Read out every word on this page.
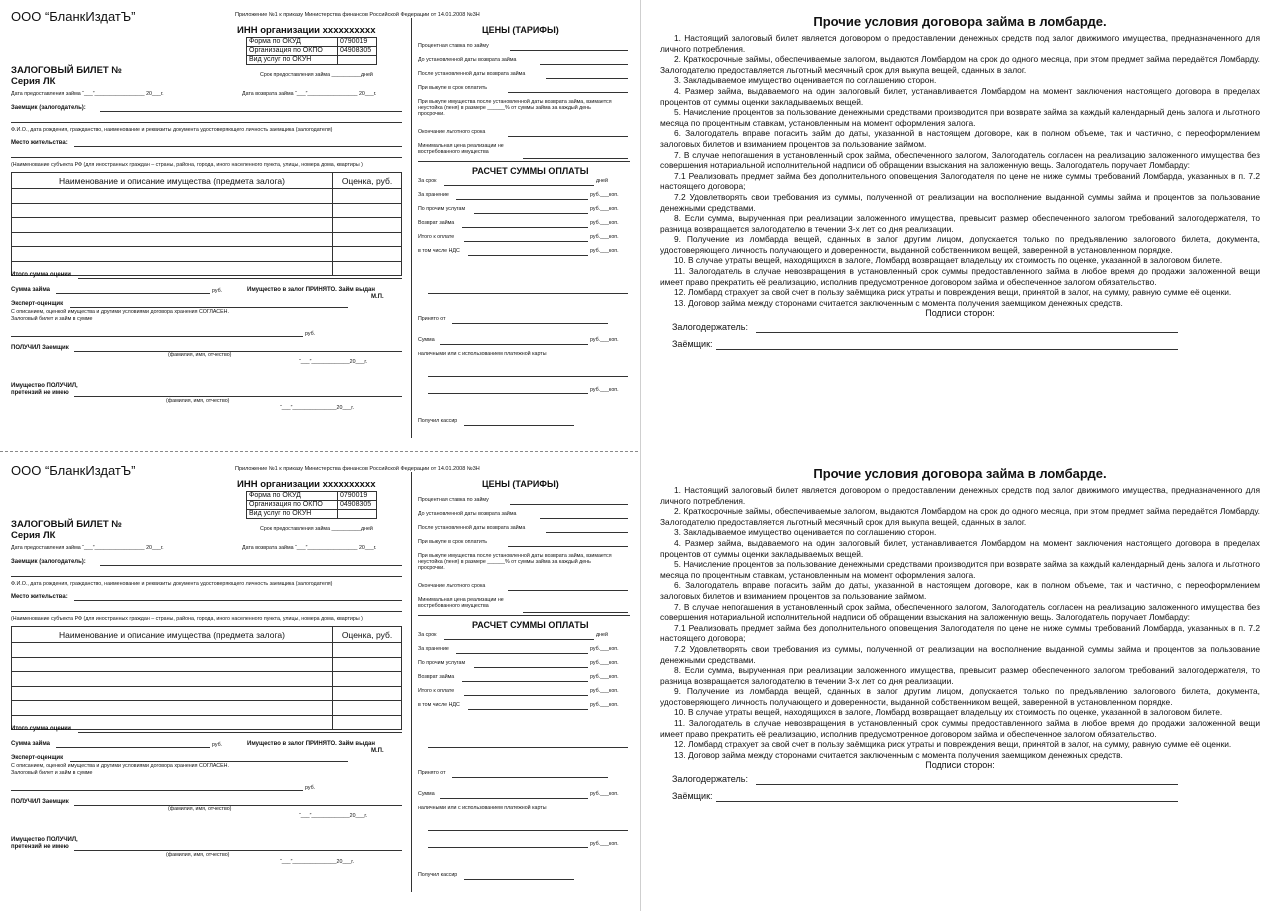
ООО “БланкИздатЪ”	Приложение №1 к приказу Министерства финансов Российской Федерации от 14.01.2008 №3Н
ИНН организации xxxxxxxxxx
Форма по ОКУД	0790019
Организация по ОКПО	04908305
Вид услуг по ОКУН	
ЗАЛОГОВЫЙ БИЛЕТ №
Серия ЛК
Срок предоставления займа __________дней
Дата предоставления займа “___”_________________ 20___г.	Дата возврата займа “___”_________________ 20___г.
Заемщик (залогодатель):
Ф.И.О., дата рождения, гражданство, наименование и реквизиты документа удостоверяющего личность заемщика (залогодателя)
Место жительства:
(Наименование субъекта РФ (для иностранных граждан – страны, района, города, иного населенного пункта, улицы, номера дома, квартиры )
Наименование и описание имущества (предмета залога)	Оценка, руб.

Итого сумма оценки
Сумма займа	руб.	Имущество в залог ПРИНЯТО. Займ выдан
М.П.
Эксперт-оценщик
С описанием, оценкой имущества и другими условиями договора хранения СОГЛАСЕН.
Залоговый билет и займ в сумме
руб.
ПОЛУЧИЛ Заемщик
(фамилия, имя, отчество)
“___”_____________20___г.
Имущество ПОЛУЧИЛ,
претензий не имею
(фамилия, имя, отчество)
“___”_______________20___г.
ЦЕНЫ (ТАРИФЫ)
Процентная ставка по займу
До установленной даты возврата займа
После установленной даты возврата займа
При выкупе в срок оплатить
При выкупе имущества после установленной даты возврата займа, взимается неустойка (пеня) в размере ______% от суммы займа за каждый день просрочки.
Окончание льготного срока
Минимальная цена реализации не востребованного имущества
РАСЧЕТ СУММЫ ОПЛАТЫ
За срок	дней
За хранение	руб.___коп.
По прочим услугам	руб.___коп.
Возврат займа	руб.___коп.
Итого к оплате	руб.___коп.
в том числе НДС	руб.___коп.
Принято от
Сумма	руб.___коп.
наличными или с использованием платежной карты
руб.___коп.
Получил кассир
ООО “БланкИздатЪ”	Приложение №1 к приказу Министерства финансов Российской Федерации от 14.01.2008 №3Н
ИНН организации xxxxxxxxxx
Форма по ОКУД	0790019
Организация по ОКПО	04908305
Вид услуг по ОКУН	
ЗАЛОГОВЫЙ БИЛЕТ №
Серия ЛК
Срок предоставления займа __________дней
Дата предоставления займа “___”_________________ 20___г.	Дата возврата займа “___”_________________ 20___г.
Заемщик (залогодатель):
Ф.И.О., дата рождения, гражданство, наименование и реквизиты документа удостоверяющего личность заемщика (залогодателя)
Место жительства:
(Наименование субъекта РФ (для иностранных граждан – страны, района, города, иного населенного пункта, улицы, номера дома, квартиры )
Наименование и описание имущества (предмета залога)	Оценка, руб.

Итого сумма оценки
Сумма займа	руб.	Имущество в залог ПРИНЯТО. Займ выдан
М.П.
Эксперт-оценщик
С описанием, оценкой имущества и другими условиями договора хранения СОГЛАСЕН.
Залоговый билет и займ в сумме
руб.
ПОЛУЧИЛ Заемщик
(фамилия, имя, отчество)
“___”_____________20___г.
Имущество ПОЛУЧИЛ,
претензий не имею
(фамилия, имя, отчество)
“___”_______________20___г.
ЦЕНЫ (ТАРИФЫ)
Процентная ставка по займу
До установленной даты возврата займа
После установленной даты возврата займа
При выкупе в срок оплатить
При выкупе имущества после установленной даты возврата займа, взимается неустойка (пеня) в размере ______% от суммы займа за каждый день просрочки.
Окончание льготного срока
Минимальная цена реализации не востребованного имущества
РАСЧЕТ СУММЫ ОПЛАТЫ
За срок	дней
За хранение	руб.___коп.
По прочим услугам	руб.___коп.
Возврат займа	руб.___коп.
Итого к оплате	руб.___коп.
в том числе НДС	руб.___коп.
Принято от
Сумма	руб.___коп.
наличными или с использованием платежной карты
руб.___коп.
Получил кассир
Прочие условия договора займа в ломбарде.

1. Настоящий залоговый билет является договором о предоставлении денежных средств под залог движимого имущества, предназначенного для личного потребления.

2. Краткосрочные займы, обеспечиваемые залогом, выдаются Ломбардом на срок до одного месяца, при этом предмет займа передаётся Ломбарду. Залогодателю предоставляется льготный месячный срок для выкупа вещей, сданных в залог.

3. Закладываемое имущество оценивается по соглашению сторон.

4. Размер займа, выдаваемого на один залоговый билет, устанавливается Ломбардом на момент заключения настоящего договора в пределах процентов от суммы оценки закладываемых вещей.

5. Начисление процентов за пользование денежными средствами производится при возврате займа за каждый календарный день залога и льготного месяца по процентным ставкам, установленным на момент оформления залога.

6. Залогодатель вправе погасить займ до даты, указанной в настоящем договоре, как в полном объеме, так и частично, с переоформлением залоговых билетов и взиманием процентов за пользование займом.

7. В случае непогашения в установленный срок займа, обеспеченного залогом, Залогодатель согласен на реализацию заложенного имущества без совершения нотариальной исполнительной надписи об обращении взыскания на заложенную вещь. Залогодатель поручает Ломбарду:

7.1 Реализовать предмет займа без дополнительного оповещения Залогодателя по цене не ниже суммы требований Ломбарда, указанных в п. 7.2 настоящего договора;

7.2 Удовлетворять свои требования из суммы, полученной от реализации на восполнение выданной суммы займа и процентов за пользование денежными средствами.

8. Если сумма, вырученная при реализации заложенного имущества, превысит размер обеспеченного залогом требований залогодержателя, то разница возвращается залогодателю в течении 3-х лет со дня реализации.

9. Получение из ломбарда вещей, сданных в залог другим лицом, допускается только по предъявлению залогового билета, документа, удостоверяющего личность получающего и доверенности, выданной собственником вещей, заверенной в установленном порядке.

10. В случае утраты вещей, находящихся в залоге, Ломбард возвращает владельцу их стоимость по оценке, указанной в залоговом билете.

11. Залогодатель в случае невозвращения в установленный срок суммы предоставленного займа в любое время до продажи заложенной вещи имеет право прекратить её реализацию, исполнив предусмотренное договором займа и обеспеченное залогом обязательство.

12. Ломбард страхует за свой счет в пользу заёмщика риск утраты и повреждения вещи, принятой в залог, на сумму, равную сумме её оценки.

13. Договор займа между сторонами считается заключенным с момента получения заемщиком денежных средств.

Подписи сторон:

Залогодержатель:
Заёмщик:
Прочие условия договора займа в ломбарде.

1. Настоящий залоговый билет является договором о предоставлении денежных средств под залог движимого имущества, предназначенного для личного потребления.

2. Краткосрочные займы, обеспечиваемые залогом, выдаются Ломбардом на срок до одного месяца, при этом предмет займа передаётся Ломбарду. Залогодателю предоставляется льготный месячный срок для выкупа вещей, сданных в залог.

3. Закладываемое имущество оценивается по соглашению сторон.

4. Размер займа, выдаваемого на один залоговый билет, устанавливается Ломбардом на момент заключения настоящего договора в пределах процентов от суммы оценки закладываемых вещей.

5. Начисление процентов за пользование денежными средствами производится при возврате займа за каждый календарный день залога и льготного месяца по процентным ставкам, установленным на момент оформления залога.

6. Залогодатель вправе погасить займ до даты, указанной в настоящем договоре, как в полном объеме, так и частично, с переоформлением залоговых билетов и взиманием процентов за пользование займом.

7. В случае непогашения в установленный срок займа, обеспеченного залогом, Залогодатель согласен на реализацию заложенного имущества без совершения нотариальной исполнительной надписи об обращении взыскания на заложенную вещь. Залогодатель поручает Ломбарду:

7.1 Реализовать предмет займа без дополнительного оповещения Залогодателя по цене не ниже суммы требований Ломбарда, указанных в п. 7.2 настоящего договора;

7.2 Удовлетворять свои требования из суммы, полученной от реализации на восполнение выданной суммы займа и процентов за пользование денежными средствами.

8. Если сумма, вырученная при реализации заложенного имущества, превысит размер обеспеченного залогом требований залогодержателя, то разница возвращается залогодателю в течении 3-х лет со дня реализации.

9. Получение из ломбарда вещей, сданных в залог другим лицом, допускается только по предъявлению залогового билета, документа, удостоверяющего личность получающего и доверенности, выданной собственником вещей, заверенной в установленном порядке.

10. В случае утраты вещей, находящихся в залоге, Ломбард возвращает владельцу их стоимость по оценке, указанной в залоговом билете.

11. Залогодатель в случае невозвращения в установленный срок суммы предоставленного займа в любое время до продажи заложенной вещи имеет право прекратить её реализацию, исполнив предусмотренное договором займа и обеспеченное залогом обязательство.

12. Ломбард страхует за свой счет в пользу заёмщика риск утраты и повреждения вещи, принятой в залог, на сумму, равную сумме её оценки.

13. Договор займа между сторонами считается заключенным с момента получения заемщиком денежных средств.

Подписи сторон:

Залогодержатель:
Заёмщик:
